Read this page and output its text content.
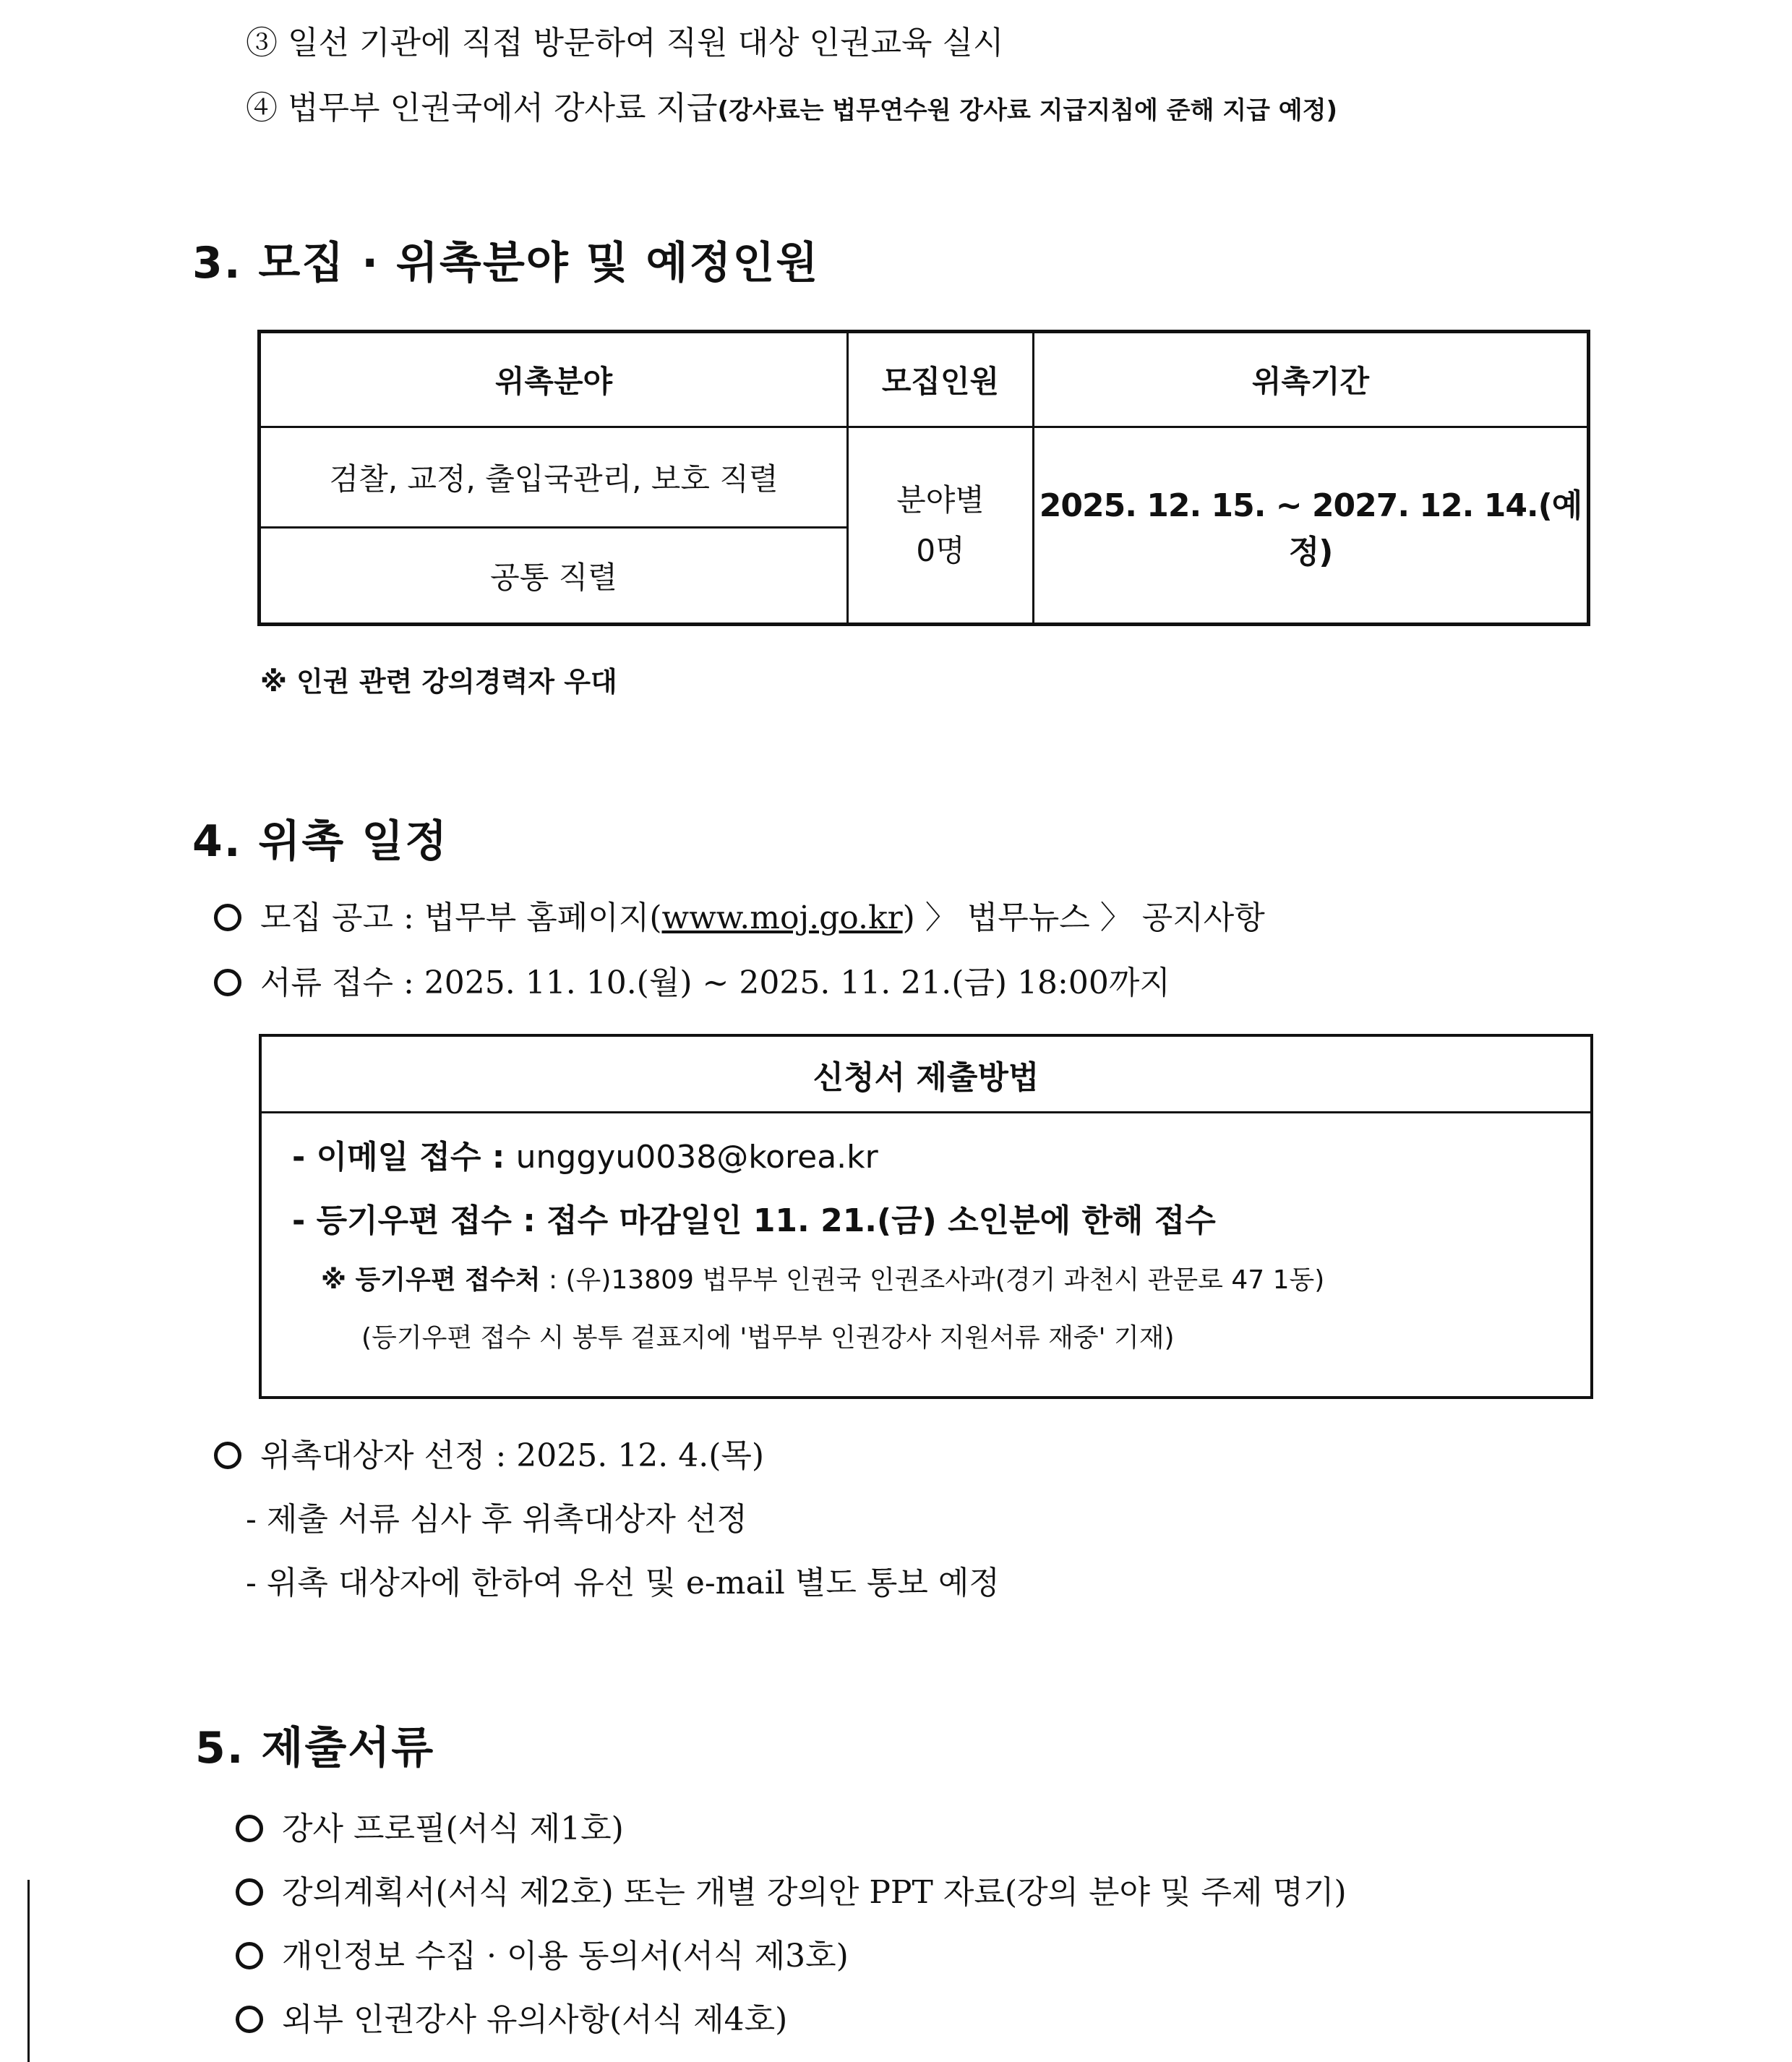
③ 일선 기관에 직접 방문하여 직원 대상 인권교육 실시
④ 법무부 인권국에서 강사료 지급(강사료는 법무연수원 강사료 지급지침에 준해 지급 예정)
3. 모집 · 위촉분야 및 예정인원
위촉분야	모집인원	위촉기간
검찰, 교정, 출입국관리, 보호 직렬
공통 직렬
분야별
0명
2025. 12. 15. ~ 2027. 12. 14.(예정)
※ 인권 관련 강의경력자 우대
4. 위촉 일정
모집 공고 : 법무부 홈페이지(www.moj.go.kr) 〉 법무뉴스 〉 공지사항
서류 접수 : 2025. 11. 10.(월) ~ 2025. 11. 21.(금) 18:00까지
신청서 제출방법
- 이메일 접수 : unggyu0038@korea.kr
- 등기우편 접수 : 접수 마감일인 11. 21.(금) 소인분에 한해 접수
※ 등기우편 접수처 : (우)13809 법무부 인권국 인권조사과(경기 과천시 관문로 47 1동)
(등기우편 접수 시 봉투 겉표지에 '법무부 인권강사 지원서류 재중' 기재)
위촉대상자 선정 : 2025. 12. 4.(목)
- 제출 서류 심사 후 위촉대상자 선정
- 위촉 대상자에 한하여 유선 및 e-mail 별도 통보 예정
5. 제출서류
강사 프로필(서식 제1호)
강의계획서(서식 제2호) 또는 개별 강의안 PPT 자료(강의 분야 및 주제 명기)
개인정보 수집 · 이용 동의서(서식 제3호)
외부 인권강사 유의사항(서식 제4호)
